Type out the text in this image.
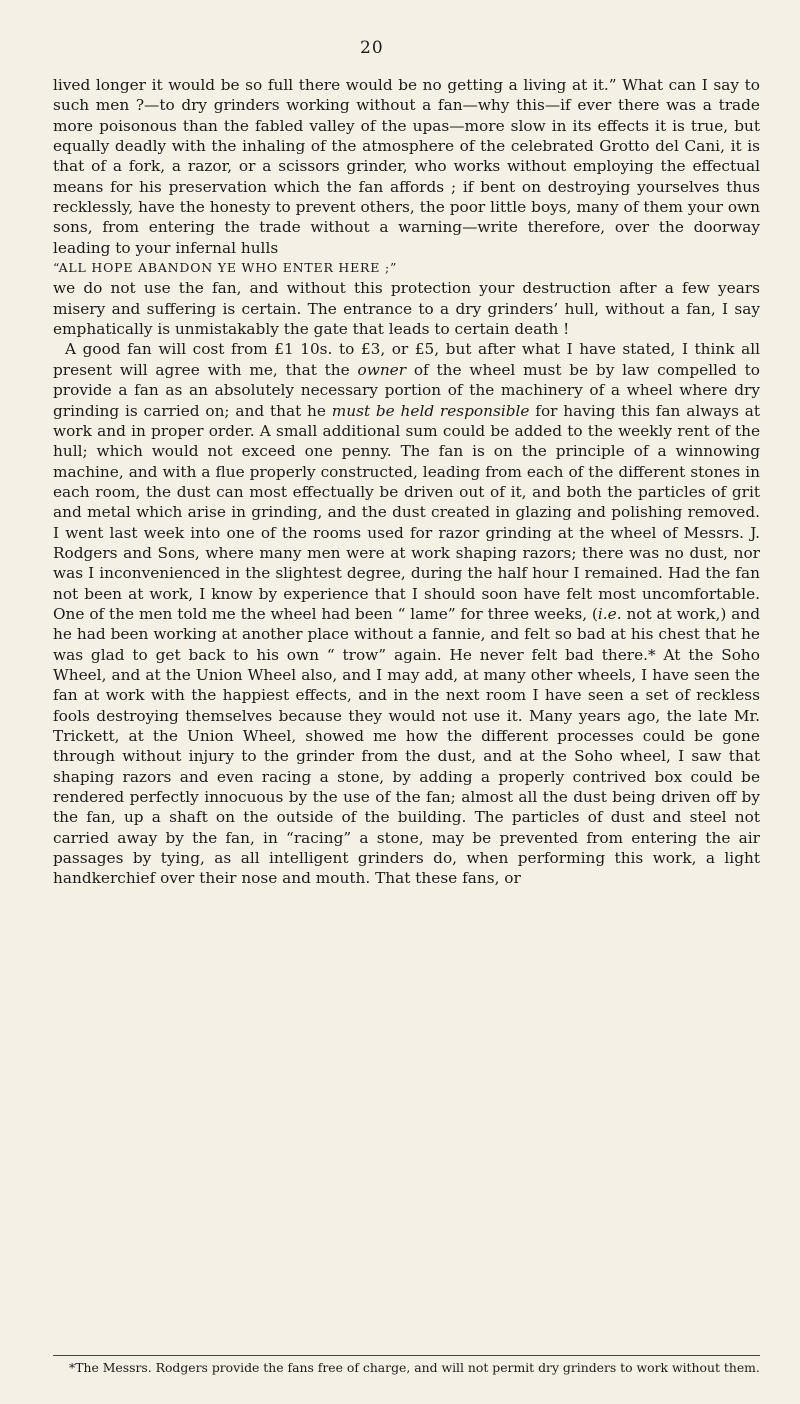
20

lived longer it would be so full there would be no getting a living at it.” What can I say to such men ?—to dry grinders working without a fan—why this—if ever there was a trade more poisonous than the fabled valley of the upas—more slow in its effects it is true, but equally deadly with the inhaling of the atmosphere of the celebrated Grotto del Cani, it is that of a fork, a razor, or a scissors grinder, who works without employing the effectual means for his preservation which the fan affords ; if bent on destroying yourselves thus recklessly, have the honesty to prevent others, the poor little boys, many of them your own sons, from entering the trade without a warning—write therefore, over the doorway leading to your infernal hulls

“ALL HOPE ABANDON YE WHO ENTER HERE ;”

we do not use the fan, and without this protection your destruction after a few years misery and suffering is certain. The entrance to a dry grinders’ hull, without a fan, I say emphatically is unmistakably the gate that leads to certain death !

A good fan will cost from £1 10s. to £3, or £5, but after what I have stated, I think all present will agree with me, that the owner of the wheel must be by law compelled to provide a fan as an absolutely necessary portion of the machinery of a wheel where dry grinding is carried on; and that he must be held responsible for having this fan always at work and in proper order. A small additional sum could be added to the weekly rent of the hull; which would not exceed one penny. The fan is on the principle of a winnowing machine, and with a flue properly constructed, leading from each of the different stones in each room, the dust can most effectually be driven out of it, and both the particles of grit and metal which arise in grinding, and the dust created in glazing and polishing removed. I went last week into one of the rooms used for razor grinding at the wheel of Messrs. J. Rodgers and Sons, where many men were at work shaping razors; there was no dust, nor was I inconvenienced in the slightest degree, during the half hour I remained. Had the fan not been at work, I know by experience that I should soon have felt most uncomfortable. One of the men told me the wheel had been “ lame” for three weeks, (i.e. not at work,) and he had been working at another place without a fannie, and felt so bad at his chest that he was glad to get back to his own “ trow” again. He never felt bad there.* At the Soho Wheel, and at the Union Wheel also, and I may add, at many other wheels, I have seen the fan at work with the happiest effects, and in the next room I have seen a set of reckless fools destroying themselves because they would not use it. Many years ago, the late Mr. Trickett, at the Union Wheel, showed me how the different processes could be gone through without injury to the grinder from the dust, and at the Soho wheel, I saw that shaping razors and even racing a stone, by adding a properly contrived box could be rendered perfectly innocuous by the use of the fan; almost all the dust being driven off by the fan, up a shaft on the outside of the building. The particles of dust and steel not carried away by the fan, in “racing” a stone, may be prevented from entering the air passages by tying, as all intelligent grinders do, when performing this work, a light handkerchief over their nose and mouth. That these fans, or

*The Messrs. Rodgers provide the fans free of charge, and will not permit dry grinders to work without them.
